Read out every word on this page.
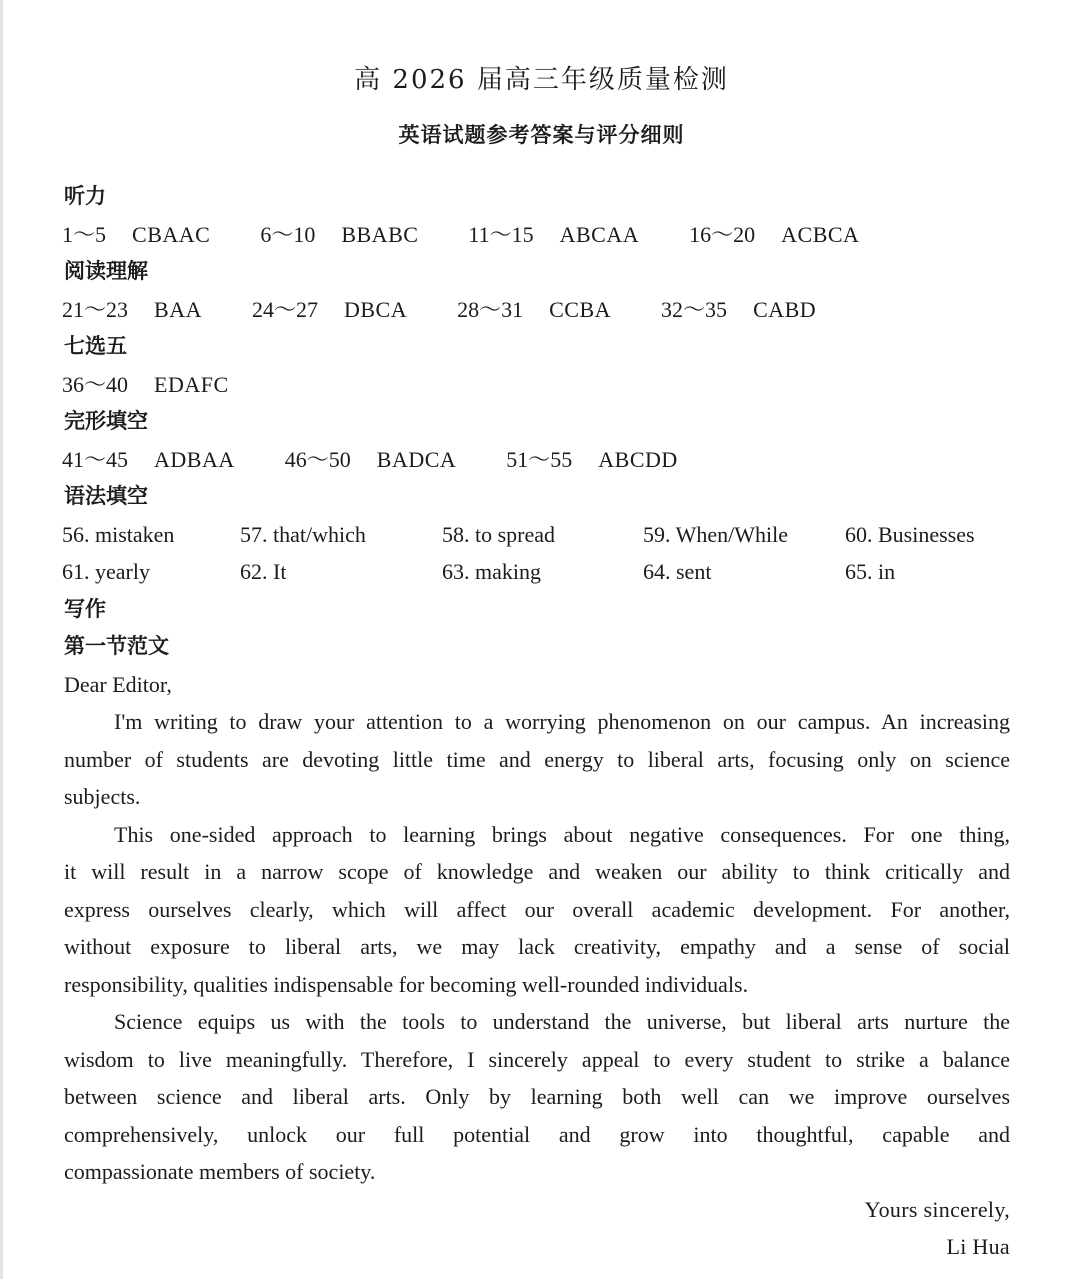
高 2026 届高三年级质量检测
英语试题参考答案与评分细则
听力
1～5 CBAAC 6～10 BBABC 11～15 ABCAA 16～20 ACBCA
阅读理解
21～23 BAA 24～27 DBCA 28～31 CCBA 32～35 CABD
七选五
36～40 EDAFC
完形填空
41～45 ADBAA 46～50 BADCA 51～55 ABCDD
语法填空
56. mistaken	57. that/which	58. to spread	59. When/While	60. Businesses
61. yearly	62. It	63. making	64. sent	65. in
写作
第一节范文
Dear Editor,
I'm writing to draw your attention to a worrying phenomenon on our campus. An increasing
number of students are devoting little time and energy to liberal arts, focusing only on science
subjects.
This one-sided approach to learning brings about negative consequences. For one thing,
it will result in a narrow scope of knowledge and weaken our ability to think critically and
express ourselves clearly, which will affect our overall academic development. For another,
without exposure to liberal arts, we may lack creativity, empathy and a sense of social
responsibility, qualities indispensable for becoming well-rounded individuals.
Science equips us with the tools to understand the universe, but liberal arts nurture the
wisdom to live meaningfully. Therefore, I sincerely appeal to every student to strike a balance
between science and liberal arts. Only by learning both well can we improve ourselves
comprehensively, unlock our full potential and grow into thoughtful, capable and
compassionate members of society.
Yours sincerely,
Li Hua
